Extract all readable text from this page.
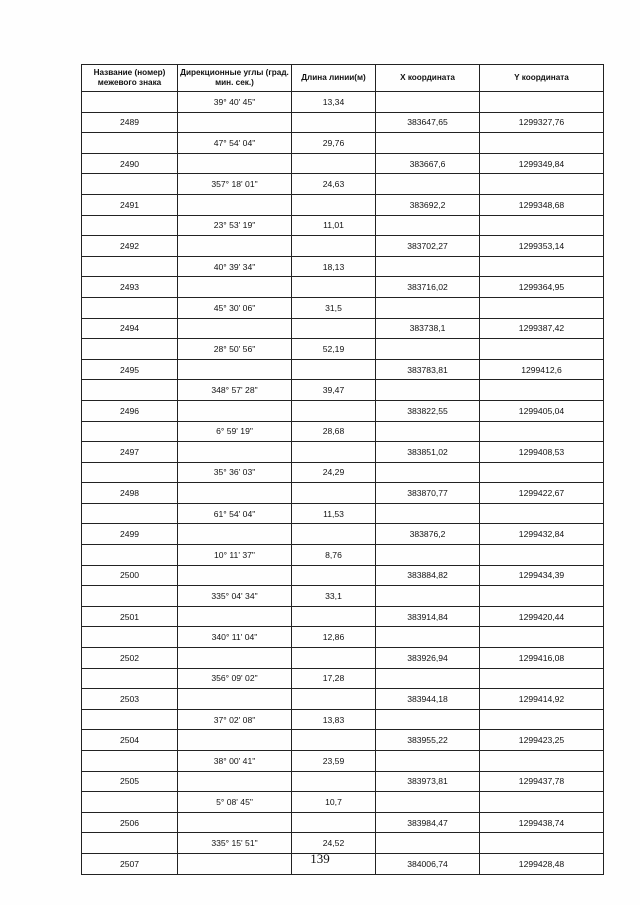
Название (номер) межевого знака	Дирекционные углы (град. мин. сек.)	Длина линии(м)	X координата	Y координата
	39° 40' 45"	13,34		
2489			383647,65	1299327,76
	47° 54' 04"	29,76		
2490			383667,6	1299349,84
	357° 18' 01"	24,63		
2491			383692,2	1299348,68
	23° 53' 19"	11,01		
2492			383702,27	1299353,14
	40° 39' 34"	18,13		
2493			383716,02	1299364,95
	45° 30' 06"	31,5		
2494			383738,1	1299387,42
	28° 50' 56"	52,19		
2495			383783,81	1299412,6
	348° 57' 28"	39,47		
2496			383822,55	1299405,04
	6° 59' 19"	28,68		
2497			383851,02	1299408,53
	35° 36' 03"	24,29		
2498			383870,77	1299422,67
	61° 54' 04"	11,53		
2499			383876,2	1299432,84
	10° 11' 37"	8,76		
2500			383884,82	1299434,39
	335° 04' 34"	33,1		
2501			383914,84	1299420,44
	340° 11' 04"	12,86		
2502			383926,94	1299416,08
	356° 09' 02"	17,28		
2503			383944,18	1299414,92
	37° 02' 08"	13,83		
2504			383955,22	1299423,25
	38° 00' 41"	23,59		
2505			383973,81	1299437,78
	5° 08' 45"	10,7		
2506			383984,47	1299438,74
	335° 15' 51"	24,52		
2507			384006,74	1299428,48
139
